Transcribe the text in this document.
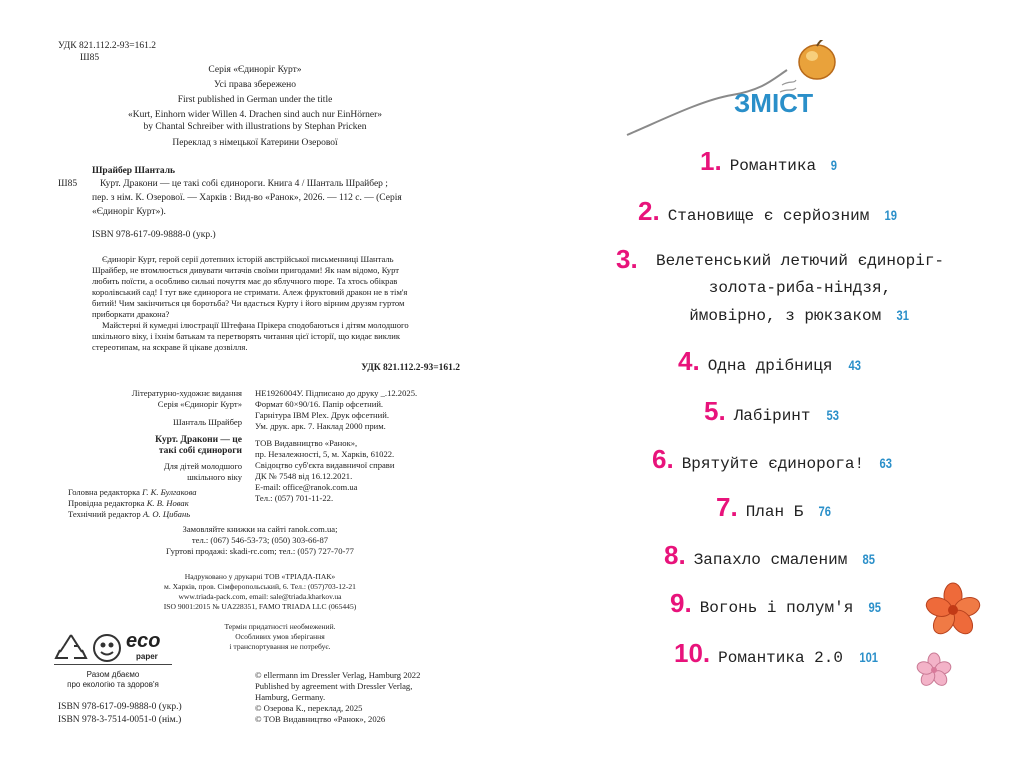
УДК 821.112.2-93=161.2
Ш85
Серія «Єдиноріг Курт»
Усі права збережено
First published in German under the title
«Kurt, Einhorn wider Willen 4. Drachen sind auch nur EinHörner»
by Chantal Schreiber with illustrations by Stephan Pricken
Переклад з німецької Катерини Озерової
Шрайбер Шанталь
Ш85 Курт. Дракони — це такі собі єдинороги. Книга 4 / Шанталь Шрайбер ;
пер. з нім. К. Озерової. — Харків : Вид-во «Ранок», 2026. — 112 с. — (Серія
«Єдиноріг Курт»).
ISBN 978-617-09-9888-0 (укр.)
Єдиноріг Курт, герой серії дотепних історій австрійської письменниці Шанталь
Шрайбер, не втомлюється дивувати читачів своїми пригодами! Як нам відомо, Курт
любить поїсти, а особливо сильні почуття має до яблучного пюре. Та хтось обікрав
королівський сад! І тут вже єдинорога не стримати. Алеж фруктовий дракон не в тім'я
битий! Чим закінчиться ця боротьба? Чи вдасться Курту і його вірним друзям гуртом
приборкати дракона?
Майстерні й кумедні ілюстрації Штефана Прікера сподобаються і дітям молодшого
шкільного віку, і їхнім батькам та перетворять читання цієї історії, що кидає виклик
стереотипам, на яскраве й цікаве дозвілля.
УДК 821.112.2-93=161.2
Літературно-художнє видання
Серія «Єдиноріг Курт»
Шанталь Шрайбер
Курт. Дракони — це
такі собі єдинороги
Для дітей молодшого
шкільного віку
Головна редакторка Г. К. Булгакова
Провідна редакторка К. В. Новак
Технічний редактор А. О. Цибань
НЕ1926004У. Підписано до друку _.12.2025.
Формат 60×90/16. Папір офсетний.
Гарнітура IBM Plex. Друк офсетний.
Ум. друк. арк. 7. Наклад 2000 прим.
ТОВ Видавництво «Ранок»,
пр. Незалежності, 5, м. Харків, 61022.
Свідоцтво суб'єкта видавничої справи
ДК № 7548 від 16.12.2021.
E-mail: office@ranok.com.ua
Тел.: (057) 701-11-22.
Замовляйте книжки на сайті ranok.com.ua;
тел.: (067) 546-53-73; (050) 303-66-87
Гуртові продажі: skadi-rc.com; тел.: (057) 727-70-77
Надруковано у друкарні ТОВ «ТРІАДА-ПАК»
м. Харків, пров. Сімферопольський, 6. Тел.: (057)703-12-21
www.triada-pack.com, email: sale@triada.kharkov.ua
ISO 9001:2015 № UA228351, FAMO TRIADA LLC (065445)
Термін придатності необмежений.
Особливих умов зберігання
і транспортування не потребує.
eco
paper
Разом дбаємо
про екологію та здоров'я
ISBN 978-617-09-9888-0 (укр.)
ISBN 978-3-7514-0051-0 (нім.)
© ellermann im Dressler Verlag, Hamburg 2022
Published by agreement with Dressler Verlag,
Hamburg, Germany.
© Озерова К., переклад, 2025
© ТОВ Видавництво «Ранок», 2026
ЗМІСТ
1. Романтика 9
2. Становище є серйозним 19
3.	Велетенський летючий єдиноріг-
золота-риба-ніндзя,
ймовірно, з рюкзаком 31
4. Одна дрібниця 43
5. Лабіринт 53
6. Врятуйте єдинорога! 63
7. План Б 76
8. Запахло смаленим 85
9. Вогонь і полум'я 95
10. Романтика 2.0 101
